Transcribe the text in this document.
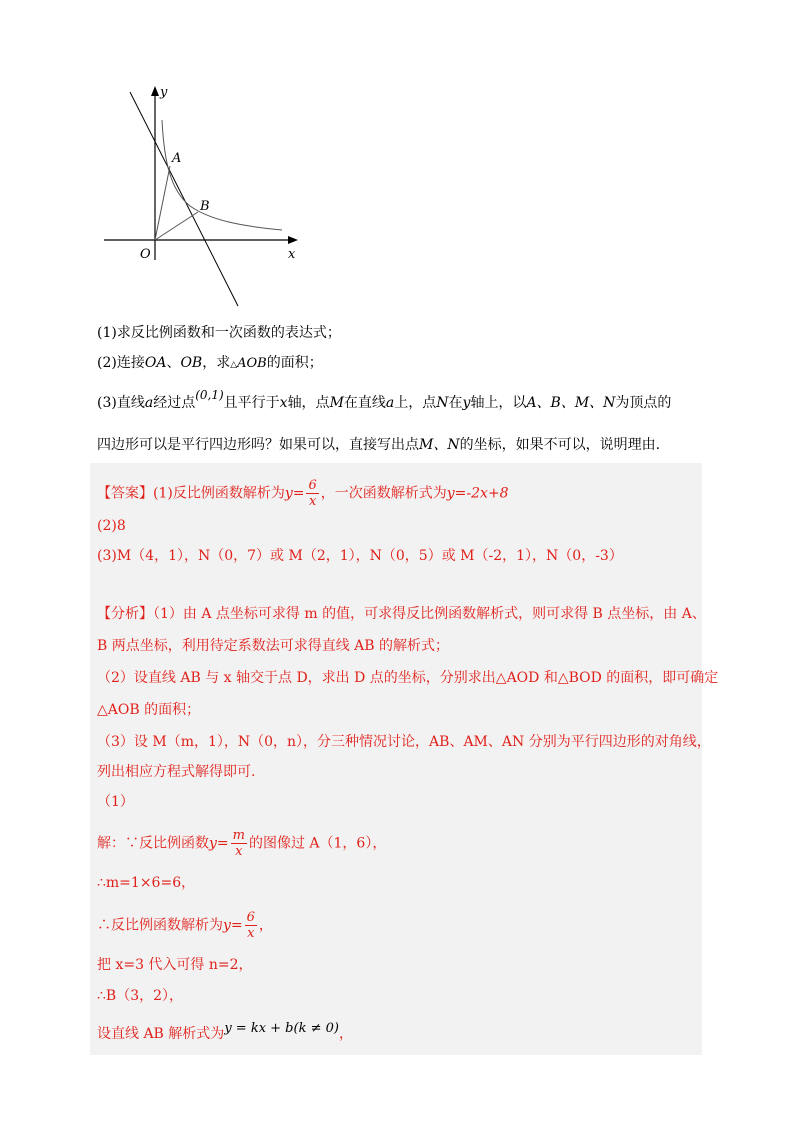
y
A
B
O	x
(1)求反比例函数和一次函数的表达式；
(2)连接OA、OB，求△AOB的面积；
(3)直线a经过点(0,1)且平行于x轴，点M在直线a上，点N在y轴上，以A、B、M、N为顶点的
四边形可以是平行四边形吗？如果可以，直接写出点M、N的坐标，如果不可以，说明理由.
【答案】(1)反比例函数解析为$y= \frac{6}{x}$ ，一次函数解析式为y=-2x+8
(2)8
(3)M（4，1），N（0，7）或 M（2，1），N（0，5）或 M（-2，1），N（0，-3）
【分析】（1）由 A 点坐标可求得 m 的值，可求得反比例函数解析式，则可求得 B 点坐标，由 A、
B 两点坐标，利用待定系数法可求得直线 AB 的解析式；
（2）设直线 AB 与 x 轴交于点 D，求出 D 点的坐标，分别求出△AOD 和△BOD 的面积，即可确定
△AOB 的面积；
（3）设 M（m，1），N（0，n），分三种情况讨论，AB、AM、AN 分别为平行四边形的对角线，
列出相应方程式解得即可.
（1）
解：∵反比例函数$y= \frac{m}{x}$ 的图像过 A（1，6），
∴m=1×6=6，
∴反比例函数解析为$y= \frac{6}{x}$ ，
把 x=3 代入可得 n=2，
∴B（3，2），
设直线 AB 解析式为y = kx + b(k ≠ 0)，
